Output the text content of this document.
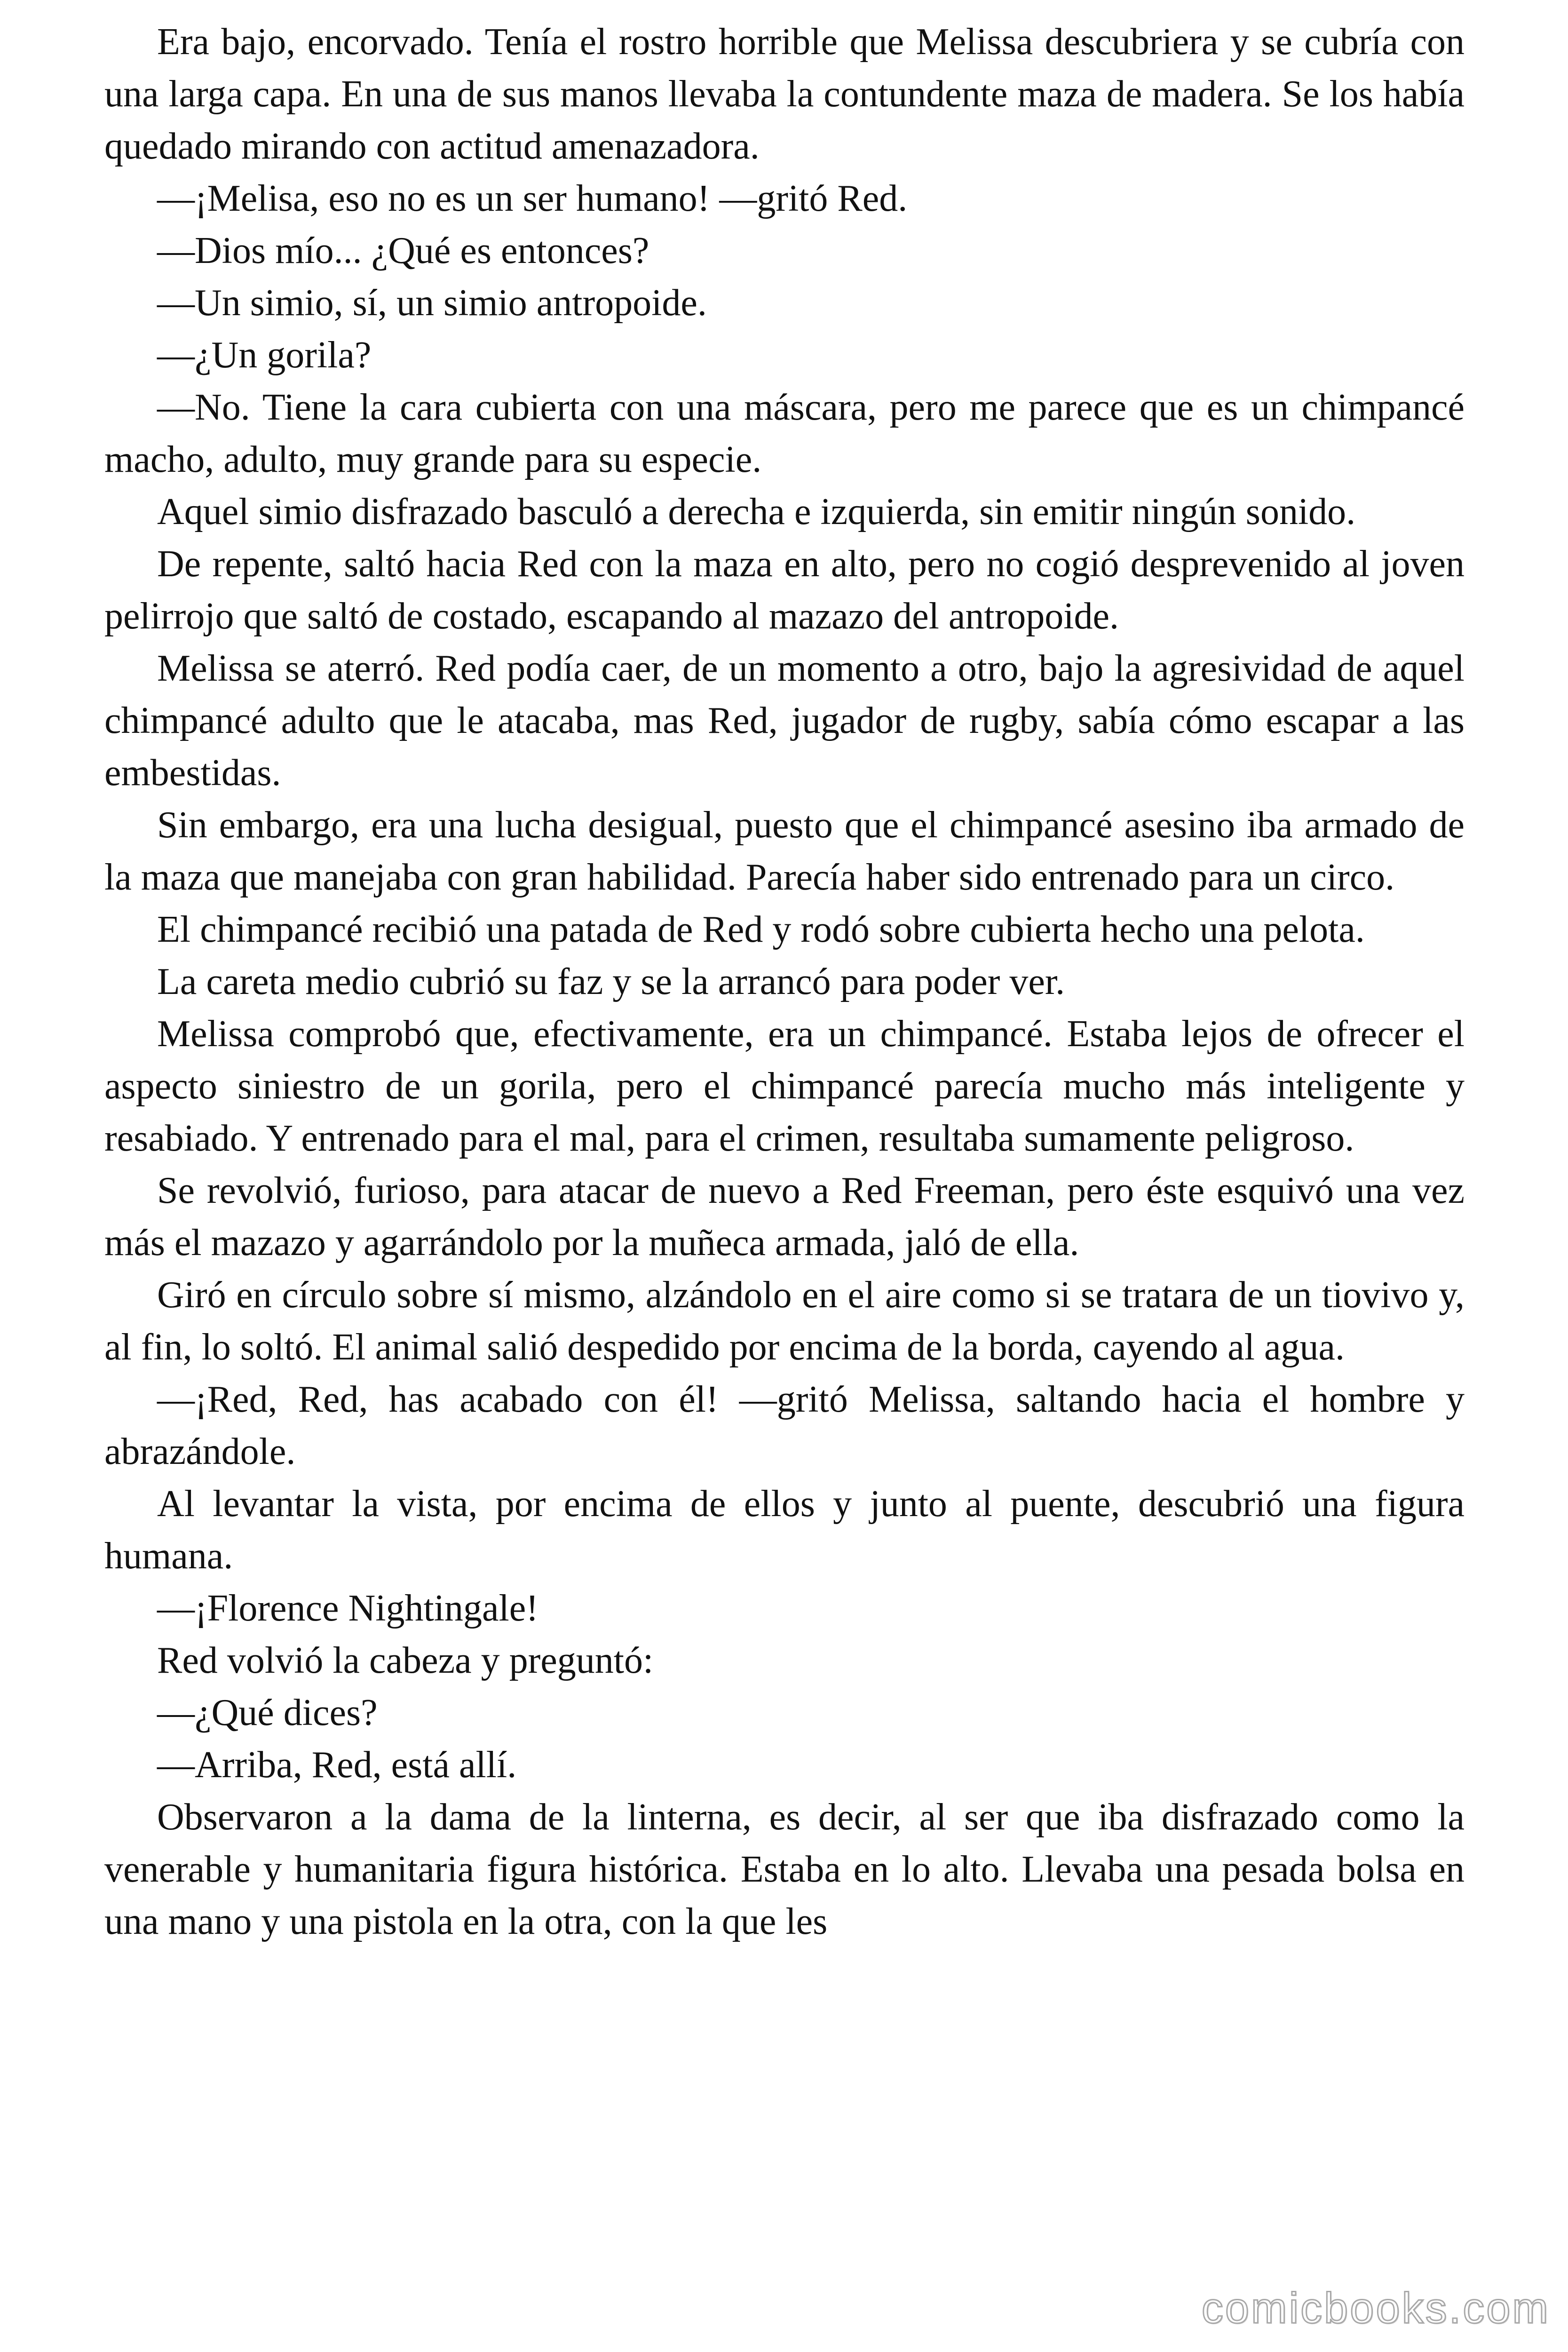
Era bajo, encorvado. Tenía el rostro horrible que Melissa descubriera y se cubría con una larga capa. En una de sus manos llevaba la contundente maza de madera. Se los había quedado mirando con actitud amenazadora.

—¡Melisa, eso no es un ser humano! —gritó Red.

—Dios mío... ¿Qué es entonces?

—Un simio, sí, un simio antropoide.

—¿Un gorila?

—No. Tiene la cara cubierta con una máscara, pero me parece que es un chimpancé macho, adulto, muy grande para su especie.

Aquel simio disfrazado basculó a derecha e izquierda, sin emitir ningún sonido.

De repente, saltó hacia Red con la maza en alto, pero no cogió desprevenido al joven pelirrojo que saltó de costado, escapando al mazazo del antropoide.

Melissa se aterró. Red podía caer, de un momento a otro, bajo la agresividad de aquel chimpancé adulto que le atacaba, mas Red, jugador de rugby, sabía cómo escapar a las embestidas.

Sin embargo, era una lucha desigual, puesto que el chimpancé asesino iba armado de la maza que manejaba con gran habilidad. Parecía haber sido entrenado para un circo.

El chimpancé recibió una patada de Red y rodó sobre cubierta hecho una pelota.

La careta medio cubrió su faz y se la arrancó para poder ver.

Melissa comprobó que, efectivamente, era un chimpancé. Estaba lejos de ofrecer el aspecto siniestro de un gorila, pero el chimpancé parecía mucho más inteligente y resabiado. Y entrenado para el mal, para el crimen, resultaba sumamente peligroso.

Se revolvió, furioso, para atacar de nuevo a Red Freeman, pero éste esquivó una vez más el mazazo y agarrándolo por la muñeca armada, jaló de ella.

Giró en círculo sobre sí mismo, alzándolo en el aire como si se tratara de un tiovivo y, al fin, lo soltó. El animal salió despedido por encima de la borda, cayendo al agua.

—¡Red, Red, has acabado con él! —gritó Melissa, saltando hacia el hombre y abrazándole.

Al levantar la vista, por encima de ellos y junto al puente, descubrió una figura humana.

—¡Florence Nightingale!

Red volvió la cabeza y preguntó:

—¿Qué dices?

—Arriba, Red, está allí.

Observaron a la dama de la linterna, es decir, al ser que iba disfrazado como la venerable y humanitaria figura histórica. Estaba en lo alto. Llevaba una pesada bolsa en una mano y una pistola en la otra, con la que les

comicbooks.com
